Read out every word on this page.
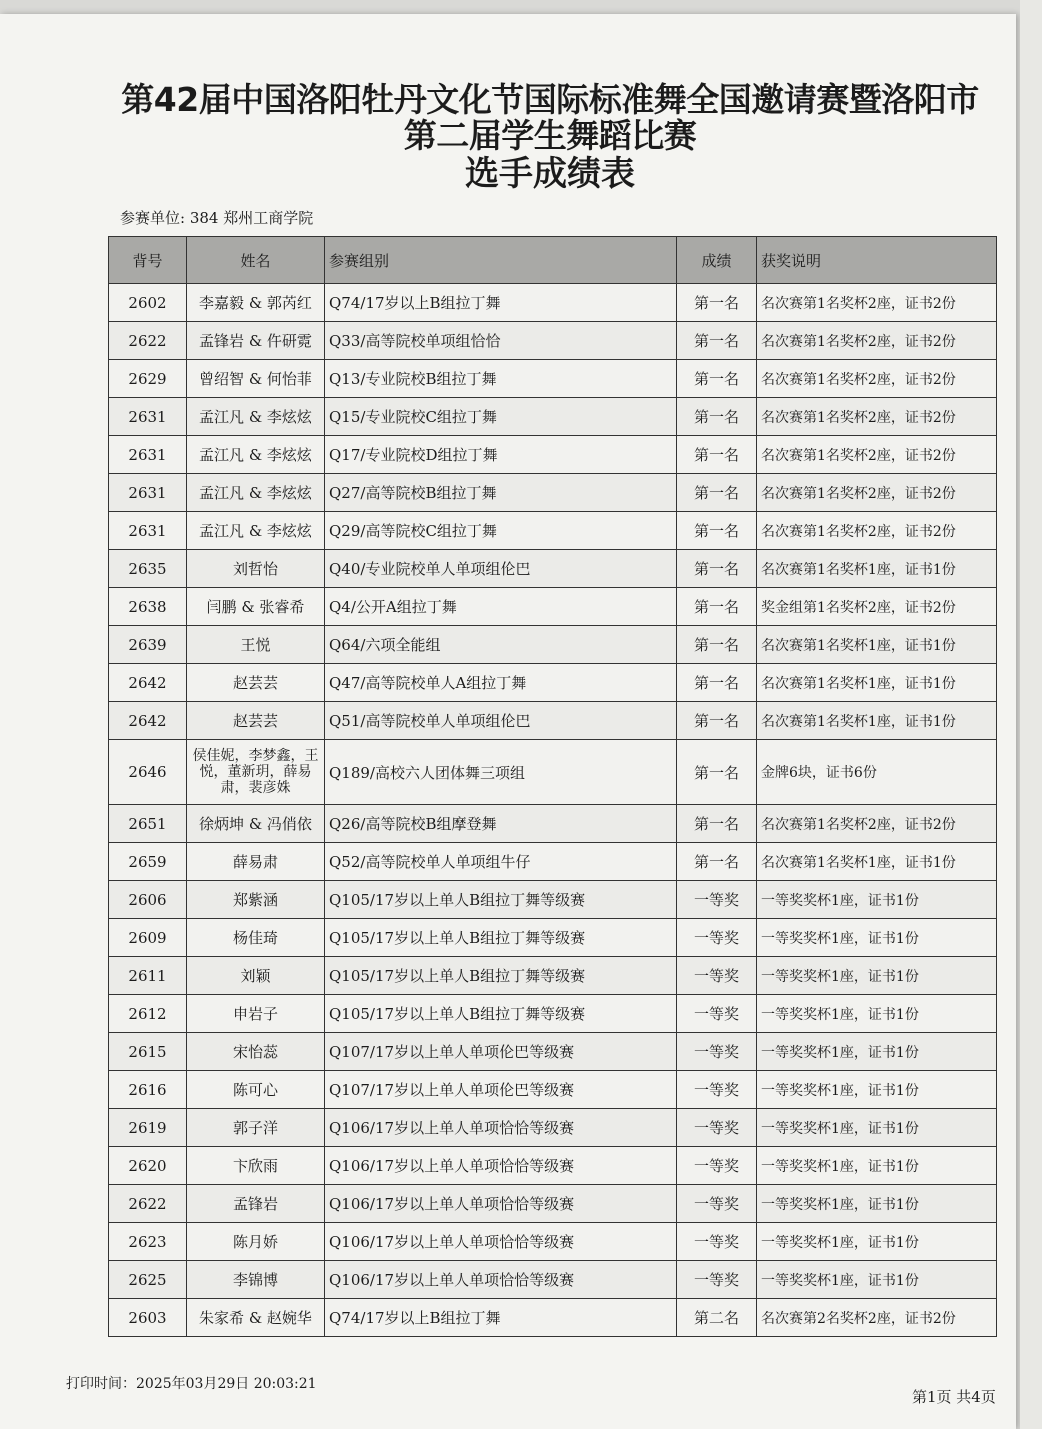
第42届中国洛阳牡丹文化节国际标准舞全国邀请赛暨洛阳市第二届学生舞蹈比赛
选手成绩表
参赛单位: 384 郑州工商学院
背号	姓名	参赛组别	成绩	获奖说明
2602	李嘉毅 & 郭芮红	Q74/17岁以上B组拉丁舞	第一名	名次赛第1名奖杯2座，证书2份
2622	孟锋岩 & 仵研霓	Q33/高等院校单项组恰恰	第一名	名次赛第1名奖杯2座，证书2份
2629	曾绍智 & 何怡菲	Q13/专业院校B组拉丁舞	第一名	名次赛第1名奖杯2座，证书2份
2631	孟江凡 & 李炫炫	Q15/专业院校C组拉丁舞	第一名	名次赛第1名奖杯2座，证书2份
2631	孟江凡 & 李炫炫	Q17/专业院校D组拉丁舞	第一名	名次赛第1名奖杯2座，证书2份
2631	孟江凡 & 李炫炫	Q27/高等院校B组拉丁舞	第一名	名次赛第1名奖杯2座，证书2份
2631	孟江凡 & 李炫炫	Q29/高等院校C组拉丁舞	第一名	名次赛第1名奖杯2座，证书2份
2635	刘哲怡	Q40/专业院校单人单项组伦巴	第一名	名次赛第1名奖杯1座，证书1份
2638	闫鹏 & 张睿希	Q4/公开A组拉丁舞	第一名	奖金组第1名奖杯2座，证书2份
2639	王悦	Q64/六项全能组	第一名	名次赛第1名奖杯1座，证书1份
2642	赵芸芸	Q47/高等院校单人A组拉丁舞	第一名	名次赛第1名奖杯1座，证书1份
2642	赵芸芸	Q51/高等院校单人单项组伦巴	第一名	名次赛第1名奖杯1座，证书1份
2646	侯佳妮，李梦鑫，王悦，董新玥，薛易肃，裴彦姝	Q189/高校六人团体舞三项组	第一名	金牌6块，证书6份
2651	徐炳坤 & 冯俏依	Q26/高等院校B组摩登舞	第一名	名次赛第1名奖杯2座，证书2份
2659	薛易肃	Q52/高等院校单人单项组牛仔	第一名	名次赛第1名奖杯1座，证书1份
2606	郑紫涵	Q105/17岁以上单人B组拉丁舞等级赛	一等奖	一等奖奖杯1座，证书1份
2609	杨佳琦	Q105/17岁以上单人B组拉丁舞等级赛	一等奖	一等奖奖杯1座，证书1份
2611	刘颖	Q105/17岁以上单人B组拉丁舞等级赛	一等奖	一等奖奖杯1座，证书1份
2612	申岩子	Q105/17岁以上单人B组拉丁舞等级赛	一等奖	一等奖奖杯1座，证书1份
2615	宋怡蕊	Q107/17岁以上单人单项伦巴等级赛	一等奖	一等奖奖杯1座，证书1份
2616	陈可心	Q107/17岁以上单人单项伦巴等级赛	一等奖	一等奖奖杯1座，证书1份
2619	郭子洋	Q106/17岁以上单人单项恰恰等级赛	一等奖	一等奖奖杯1座，证书1份
2620	卞欣雨	Q106/17岁以上单人单项恰恰等级赛	一等奖	一等奖奖杯1座，证书1份
2622	孟锋岩	Q106/17岁以上单人单项恰恰等级赛	一等奖	一等奖奖杯1座，证书1份
2623	陈月娇	Q106/17岁以上单人单项恰恰等级赛	一等奖	一等奖奖杯1座，证书1份
2625	李锦博	Q106/17岁以上单人单项恰恰等级赛	一等奖	一等奖奖杯1座，证书1份
2603	朱家希 & 赵婉华	Q74/17岁以上B组拉丁舞	第二名	名次赛第2名奖杯2座，证书2份
打印时间：2025年03月29日 20:03:21
第1页 共4页
